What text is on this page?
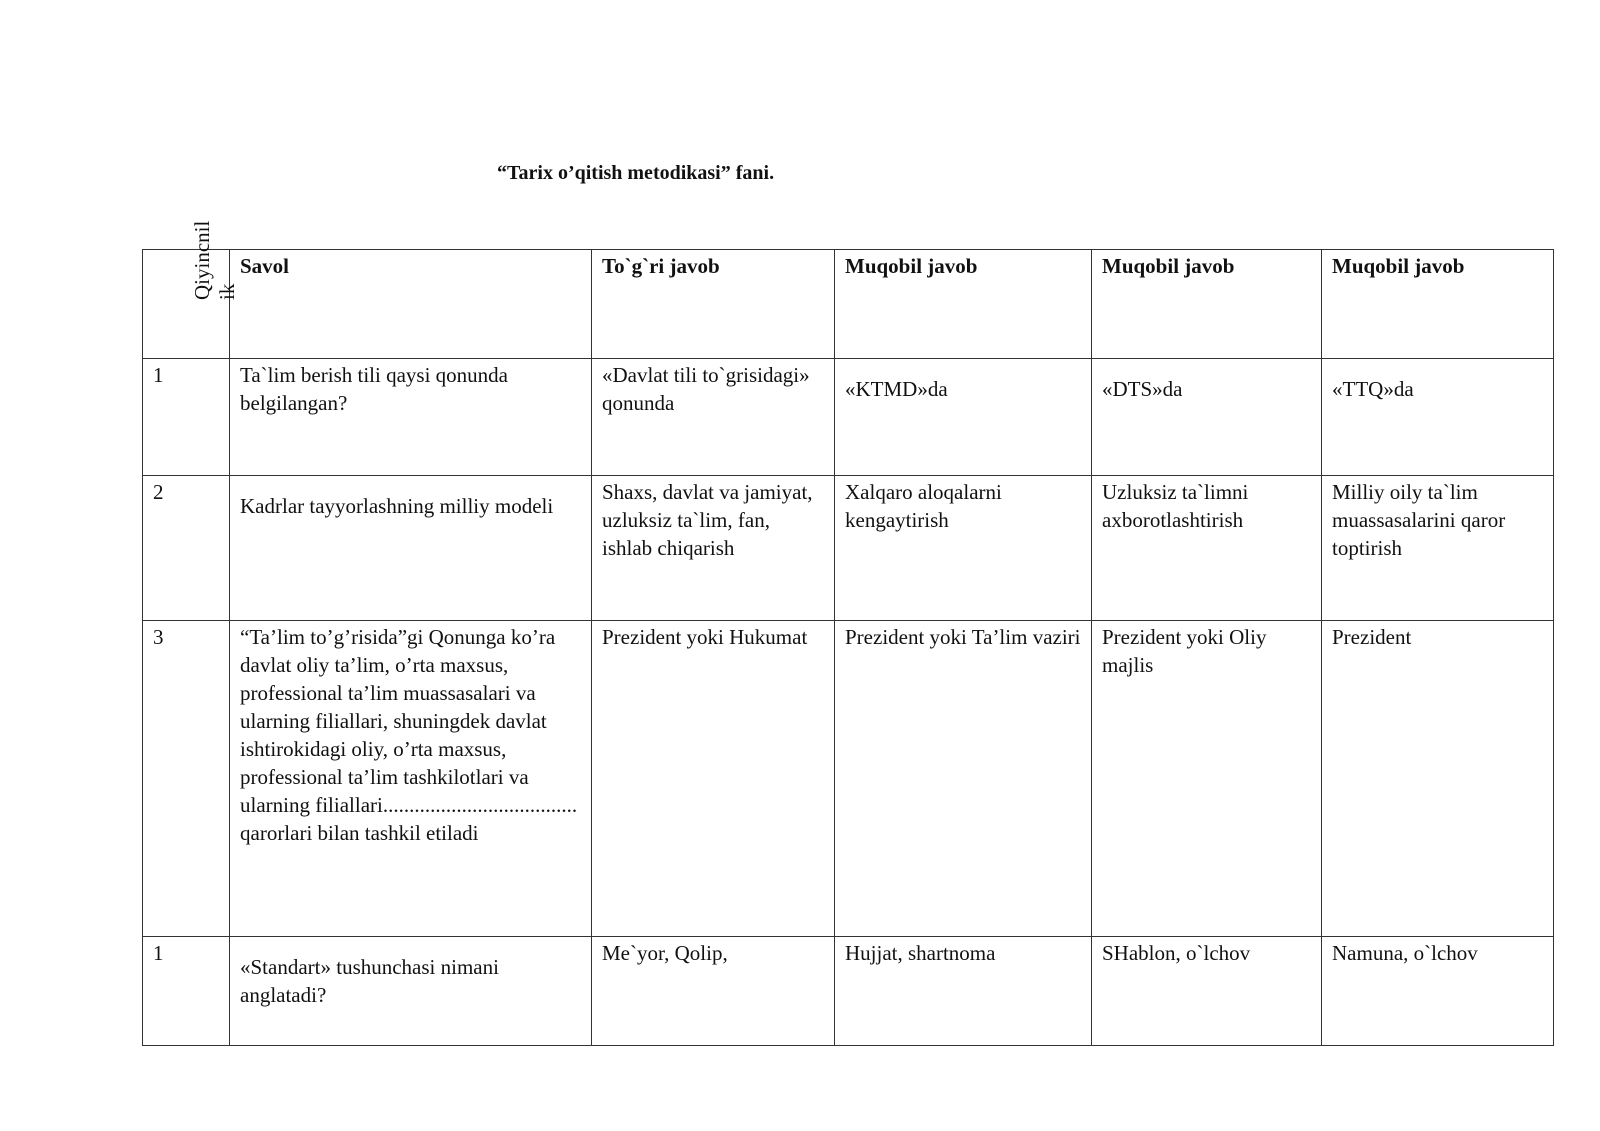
“Tarix o’qitish metodikasi” fani.
Qiyincnil ik	Savol	To`g`ri javob	Muqobil javob	Muqobil javob	Muqobil javob
1	Ta`lim berish tili qaysi qonunda belgilangan?	«Davlat tili to`grisidagi» qonunda	«KTMD»da	«DTS»da	«TTQ»da
2	Kadrlar tayyorlashning milliy modeli	Shaxs, davlat va jamiyat, uzluksiz ta`lim, fan, ishlab chiqarish	Xalqaro aloqalarni kengaytirish	Uzluksiz ta`limni axborotlashtirish	Milliy oily ta`lim muassasalarini qaror toptirish
3	“Ta’lim to’g’risida”gi Qonunga ko’ra davlat oliy ta’lim, o’rta maxsus, professional ta’lim muassasalari va ularning filiallari, shuningdek davlat ishtirokidagi oliy, o’rta maxsus, professional ta’lim tashkilotlari va ularning filiallari..................................... qarorlari bilan tashkil etiladi	Prezident yoki Hukumat	Prezident yoki Ta’lim vaziri	Prezident yoki Oliy majlis	Prezident
1	«Standart» tushunchasi nimani anglatadi?	Me`yor, Qolip,	Hujjat, shartnoma	SHablon, o`lchov	Namuna, o`lchov
